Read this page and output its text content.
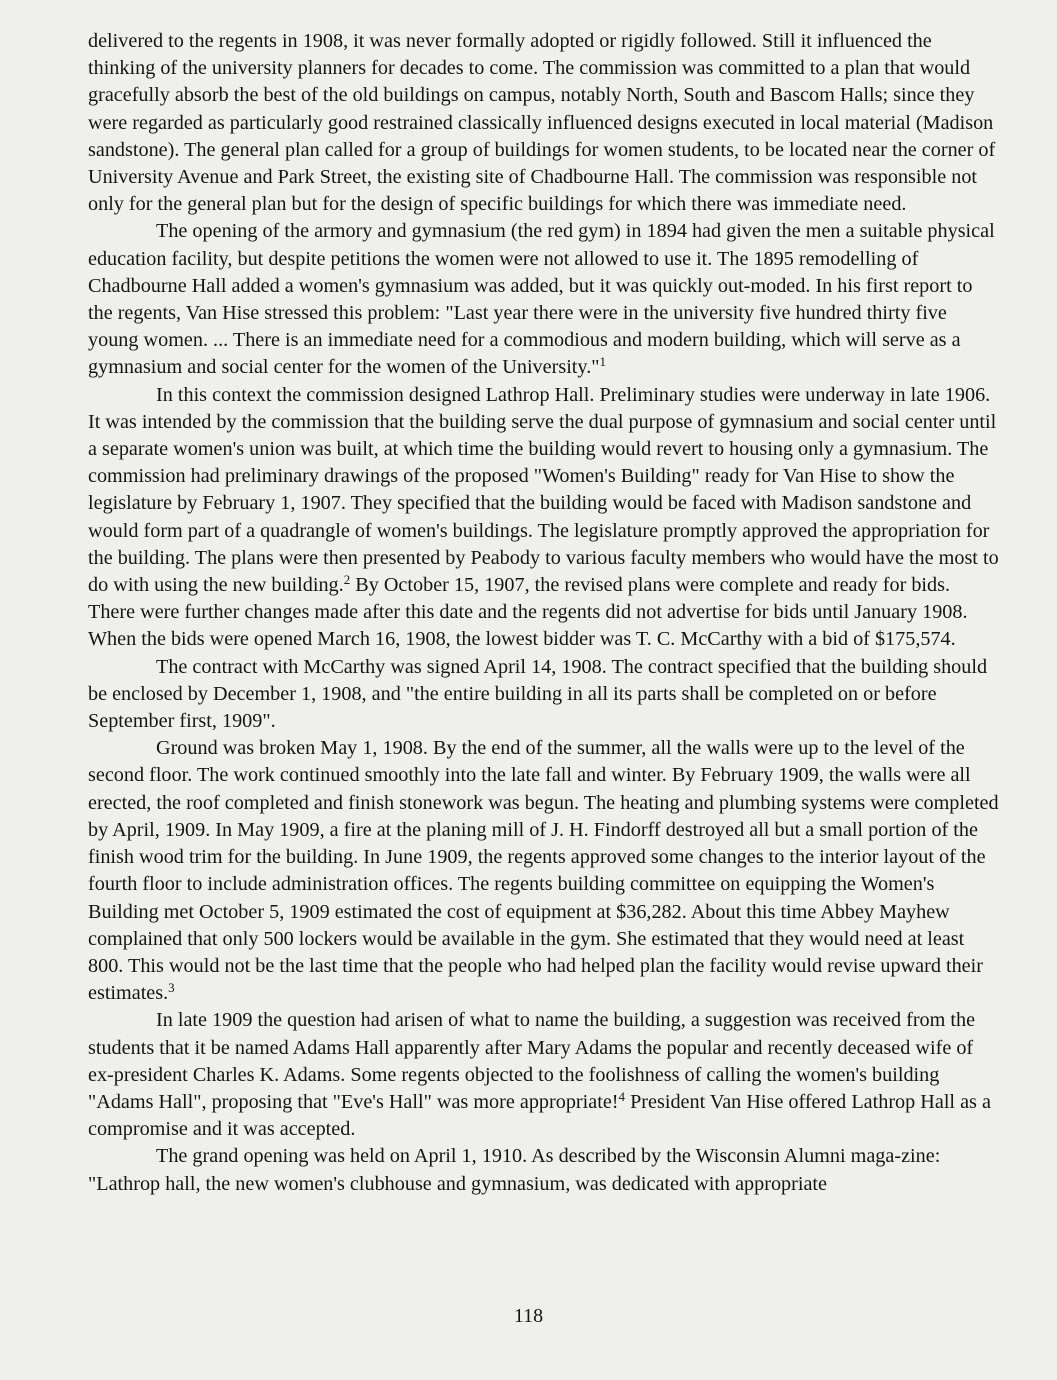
delivered to the regents in 1908, it was never formally adopted or rigidly followed. Still it influenced the thinking of the university planners for decades to come. The commission was committed to a plan that would gracefully absorb the best of the old buildings on campus, notably North, South and Bascom Halls; since they were regarded as particularly good restrained classically influenced designs executed in local material (Madison sandstone). The general plan called for a group of buildings for women students, to be located near the corner of University Avenue and Park Street, the existing site of Chadbourne Hall. The commission was responsible not only for the general plan but for the design of specific buildings for which there was immediate need.

The opening of the armory and gymnasium (the red gym) in 1894 had given the men a suitable physical education facility, but despite petitions the women were not allowed to use it. The 1895 remodelling of Chadbourne Hall added a women's gymnasium was added, but it was quickly out-moded. In his first report to the regents, Van Hise stressed this problem: "Last year there were in the university five hundred thirty five young women. ... There is an immediate need for a commodious and modern building, which will serve as a gymnasium and social center for the women of the University."$^1$

In this context the commission designed Lathrop Hall. Preliminary studies were underway in late 1906. It was intended by the commission that the building serve the dual purpose of gymnasium and social center until a separate women's union was built, at which time the building would revert to housing only a gymnasium. The commission had preliminary drawings of the proposed "Women's Building" ready for Van Hise to show the legislature by February 1, 1907. They specified that the building would be faced with Madison sandstone and would form part of a quadrangle of women's buildings. The legislature promptly approved the appropriation for the building. The plans were then presented by Peabody to various faculty members who would have the most to do with using the new building.$^2$ By October 15, 1907, the revised plans were complete and ready for bids. There were further changes made after this date and the regents did not advertise for bids until January 1908. When the bids were opened March 16, 1908, the lowest bidder was T. C. McCarthy with a bid of $175,574.

The contract with McCarthy was signed April 14, 1908. The contract specified that the building should be enclosed by December 1, 1908, and "the entire building in all its parts shall be completed on or before September first, 1909".

Ground was broken May 1, 1908. By the end of the summer, all the walls were up to the level of the second floor. The work continued smoothly into the late fall and winter. By February 1909, the walls were all erected, the roof completed and finish stonework was begun. The heating and plumbing systems were completed by April, 1909. In May 1909, a fire at the planing mill of J. H. Findorff destroyed all but a small portion of the finish wood trim for the building. In June 1909, the regents approved some changes to the interior layout of the fourth floor to include administration offices. The regents building committee on equipping the Women's Building met October 5, 1909 estimated the cost of equipment at $36,282. About this time Abbey Mayhew complained that only 500 lockers would be available in the gym. She estimated that they would need at least 800. This would not be the last time that the people who had helped plan the facility would revise upward their estimates.$^3$

In late 1909 the question had arisen of what to name the building, a suggestion was received from the students that it be named Adams Hall apparently after Mary Adams the popular and recently deceased wife of ex-president Charles K. Adams. Some regents objected to the foolishness of calling the women's building "Adams Hall", proposing that "Eve's Hall" was more appropriate!$^4$ President Van Hise offered Lathrop Hall as a compromise and it was accepted.

The grand opening was held on April 1, 1910. As described by the Wisconsin Alumni maga-zine: "Lathrop hall, the new women's clubhouse and gymnasium, was dedicated with appropriate

118
